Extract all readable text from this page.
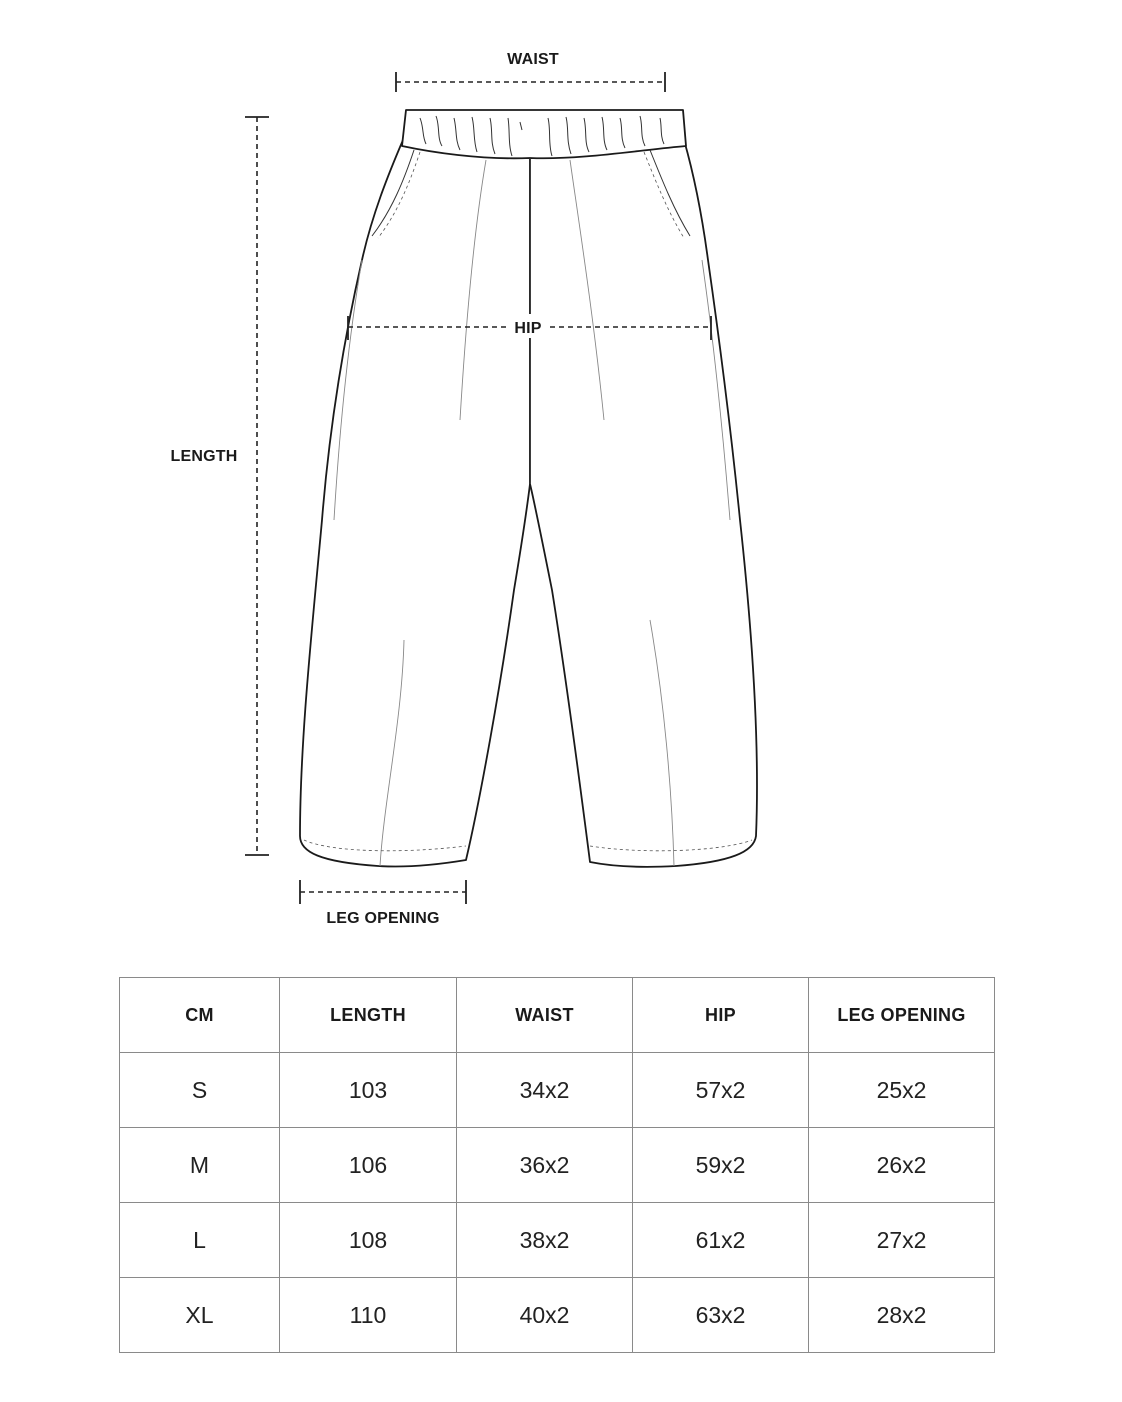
WAIST
LENGTH
HIP
LEG OPENING
CM	LENGTH	WAIST	HIP	LEG OPENING
S	103	34x2	57x2	25x2
M	106	36x2	59x2	26x2
L	108	38x2	61x2	27x2
XL	110	40x2	63x2	28x2
